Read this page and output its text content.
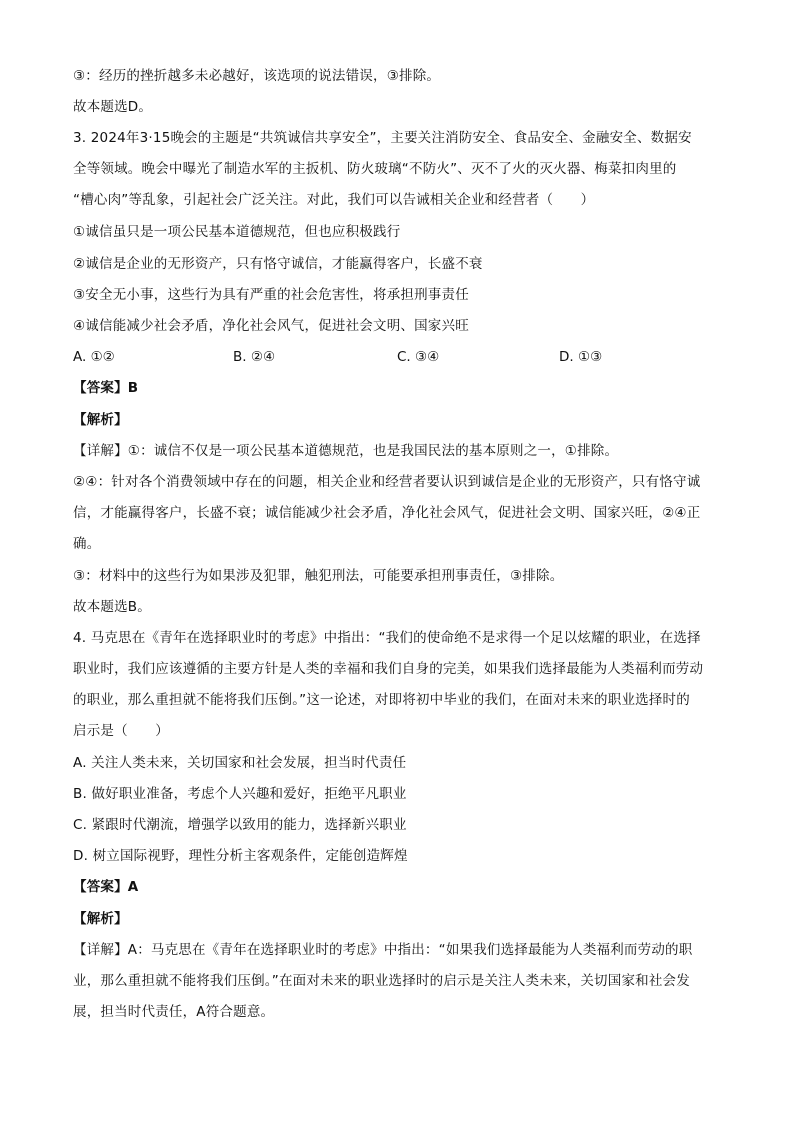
③：经历的挫折越多未必越好，该选项的说法错误，③排除。
故本题选D。
3. 2024年3·15晚会的主题是“共筑诚信共享安全”，主要关注消防安全、食品安全、金融安全、数据安
全等领域。晚会中曝光了制造水军的主扳机、防火玻璃“不防火”、灭不了火的灭火器、梅菜扣肉里的
“槽心肉”等乱象，引起社会广泛关注。对此，我们可以告诫相关企业和经营者（　　）
①诚信虽只是一项公民基本道德规范，但也应积极践行
②诚信是企业的无形资产，只有恪守诚信，才能赢得客户，长盛不衰
③安全无小事，这些行为具有严重的社会危害性，将承担刑事责任
④诚信能减少社会矛盾，净化社会风气，促进社会文明、国家兴旺
A. ①②	B. ②④	C. ③④	D. ①③
【答案】B
【解析】
【详解】①：诚信不仅是一项公民基本道德规范，也是我国民法的基本原则之一，①排除。
②④：针对各个消费领域中存在的问题，相关企业和经营者要认识到诚信是企业的无形资产，只有恪守诚
信，才能赢得客户，长盛不衰；诚信能减少社会矛盾，净化社会风气，促进社会文明、国家兴旺，②④正
确。
③：材料中的这些行为如果涉及犯罪，触犯刑法，可能要承担刑事责任，③排除。
故本题选B。
4. 马克思在《青年在选择职业时的考虑》中指出：“我们的使命绝不是求得一个足以炫耀的职业，在选择
职业时，我们应该遵循的主要方针是人类的幸福和我们自身的完美，如果我们选择最能为人类福利而劳动
的职业，那么重担就不能将我们压倒。”这一论述，对即将初中毕业的我们，在面对未来的职业选择时的
启示是（　　）
A. 关注人类未来，关切国家和社会发展，担当时代责任
B. 做好职业准备，考虑个人兴趣和爱好，拒绝平凡职业
C. 紧跟时代潮流，增强学以致用的能力，选择新兴职业
D. 树立国际视野，理性分析主客观条件，定能创造辉煌
【答案】A
【解析】
【详解】A：马克思在《青年在选择职业时的考虑》中指出：“如果我们选择最能为人类福利而劳动的职
业，那么重担就不能将我们压倒。”在面对未来的职业选择时的启示是关注人类未来，关切国家和社会发
展，担当时代责任，A符合题意。
